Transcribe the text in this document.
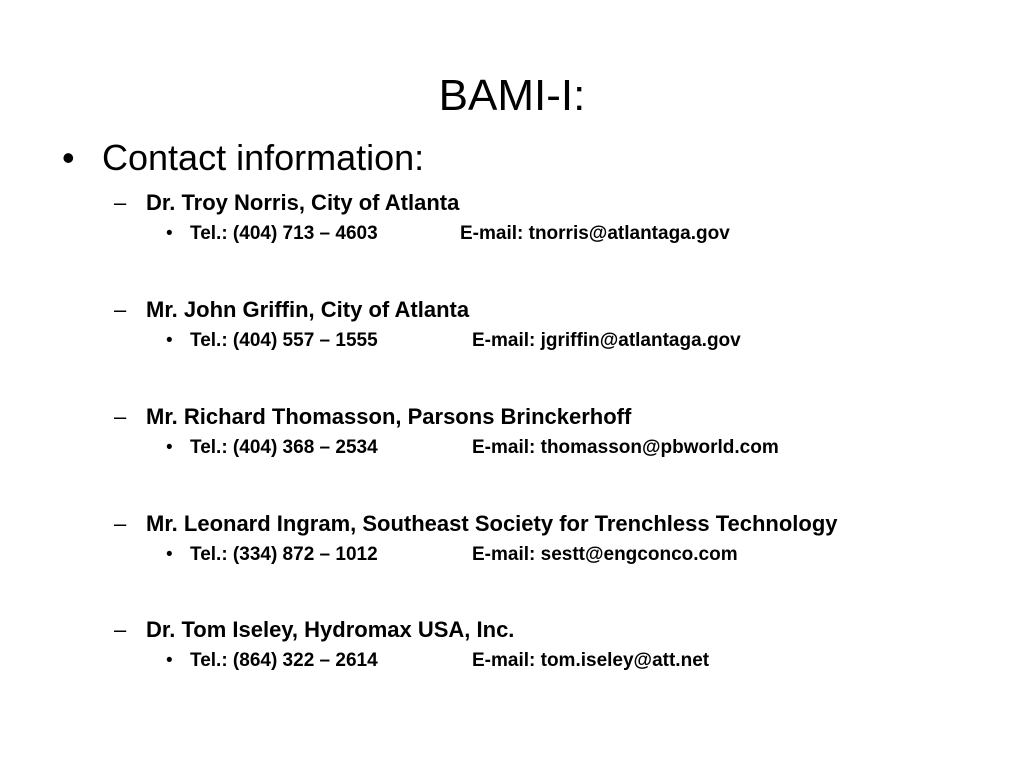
BAMI-I:
• Contact information:
– Dr. Troy Norris, City of Atlanta
• Tel.: (404) 713 – 4603	E-mail: tnorris@atlantaga.gov
– Mr. John Griffin, City of Atlanta
• Tel.: (404) 557 – 1555	E-mail: jgriffin@atlantaga.gov
– Mr. Richard Thomasson, Parsons Brinckerhoff
• Tel.: (404) 368 – 2534	E-mail: thomasson@pbworld.com
– Mr. Leonard Ingram, Southeast Society for Trenchless Technology
• Tel.: (334) 872 – 1012	E-mail: sestt@engconco.com
– Dr. Tom Iseley, Hydromax USA, Inc.
• Tel.: (864) 322 – 2614	E-mail: tom.iseley@att.net
